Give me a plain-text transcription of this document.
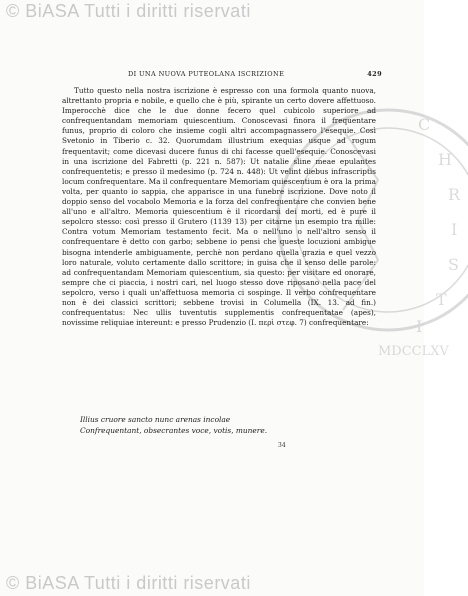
© BiASA Tutti i diritti riservati
C
H
R
I
S
T
I
MDCCLXV
DI UNA NUOVA PUTEOLANA ISCRIZIONE	429

Tutto questo nella nostra iscrizione è espresso con una formola quanto nuova, altrettanto propria e nobile, e quello che è più, spirante un certo dovere affettuoso. Imperocchè dice che le due donne fecero quel cubicolo superiore ad confrequentandam memoriam quiescentium. Conoscevasi finora il frequentare funus, proprio di coloro che insieme cogli altri accompagnassero l'esequie. Così Svetonio in Tiberio c. 32. Quorumdam illustrium exequias usque ad rogum frequentavit; come dicevasi ducere funus di chi facesse quell'esequie. Conoscevasi in una iscrizione del Fabretti (p. 221 n. 587): Ut natalie sline meae epulantes confrequentetis; e presso il medesimo (p. 724 n. 448): Ut velint diebus infrascriptis locum confrequentare. Ma il confrequentare Memoriam quiescentium è ora la prima volta, per quanto io sappia, che apparisce in una funebre iscrizione. Dove noto il doppio senso del vocabolo Memoria e la forza del confrequentare che convien bene all'uno e all'altro. Memoria quiescentium è il ricordarsi dei morti, ed è pure il sepolcro stesso: così presso il Grutero (1139 13) per citarne un esempio tra mille: Contra votum Memoriam testamento fecit. Ma o nell'uno o nell'altro senso il confrequentare è detto con garbo; sebbene io pensi che queste locuzioni ambigue bisogna intenderle ambiguamente, perchè non perdano quella grazia e quel vezzo loro naturale, voluto certamente dallo scrittore; in guisa che il senso delle parole: ad confrequentandam Memoriam quiescentium, sia questo: per visitare ed onorare, sempre che ci piaccia, i nostri cari, nel luogo stesso dove riposano nella pace del sepolcro, verso i quali un'affettuosa memoria ci sospinge. Il verbo confrequentare non è dei classici scrittori; sebbene trovisi in Columella (IX. 13. ad fin.) confrequentatus: Nec ullis tuventutis supplementis confrequentatae (apes), novissime reliquiae intereunt: e presso Prudenzio (I. περὶ στεφ. 7) confrequentare:

Illius cruore sancto nunc arenas incolae
Confrequentant, obsecrantes voce, votis, munere.
34
© BiASA Tutti i diritti riservati
